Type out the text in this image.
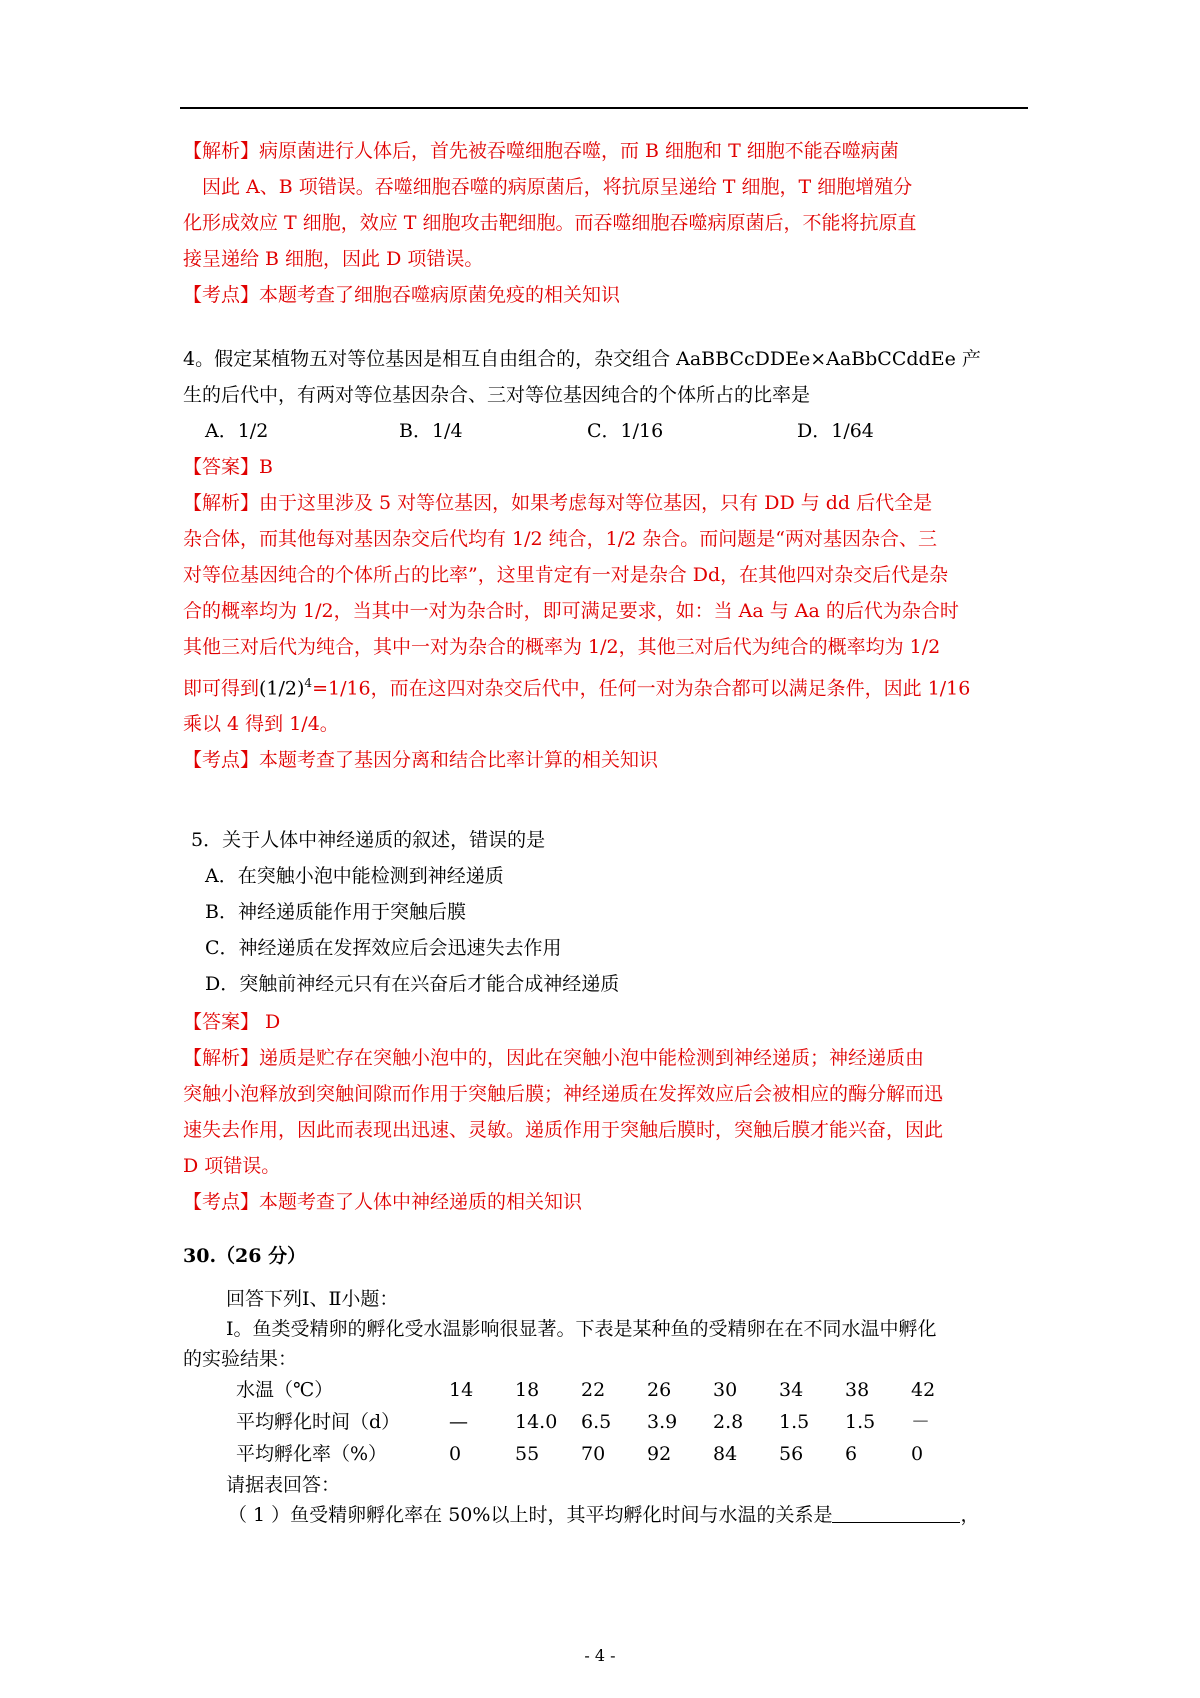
【解析】病原菌进行人体后，首先被吞噬细胞吞噬，而 B 细胞和 T 细胞不能吞噬病菌
　因此 A、B 项错误。吞噬细胞吞噬的病原菌后，将抗原呈递给 T 细胞，T 细胞增殖分
化形成效应 T 细胞，效应 T 细胞攻击靶细胞。而吞噬细胞吞噬病原菌后，不能将抗原直
接呈递给 B 细胞，因此 D 项错误。
【考点】本题考查了细胞吞噬病原菌免疫的相关知识
4。假定某植物五对等位基因是相互自由组合的，杂交组合 AaBBCcDDEe×AaBbCCddEe 产
生的后代中，有两对等位基因杂合、三对等位基因纯合的个体所占的比率是
A．1/2	B．1/4	C．1/16	D．1/64
【答案】B
【解析】由于这里涉及 5 对等位基因，如果考虑每对等位基因，只有 DD 与 dd 后代全是
杂合体，而其他每对基因杂交后代均有 1/2 纯合，1/2 杂合。而问题是“两对基因杂合、三
对等位基因纯合的个体所占的比率”，这里肯定有一对是杂合 Dd，在其他四对杂交后代是杂
合的概率均为 1/2，当其中一对为杂合时，即可满足要求，如：当 Aa 与 Aa 的后代为杂合时
其他三对后代为纯合，其中一对为杂合的概率为 1/2，其他三对后代为纯合的概率均为 1/2
即可得到$(1/2)^4=1/16$，而在这四对杂交后代中，任何一对为杂合都可以满足条件，因此 1/16
乘以 4 得到 1/4。
【考点】本题考查了基因分离和结合比率计算的相关知识
5．关于人体中神经递质的叙述，错误的是
A．在突触小泡中能检测到神经递质
B．神经递质能作用于突触后膜
C．神经递质在发挥效应后会迅速失去作用
D．突触前神经元只有在兴奋后才能合成神经递质
【答案】 D
【解析】递质是贮存在突触小泡中的，因此在突触小泡中能检测到神经递质；神经递质由
突触小泡释放到突触间隙而作用于突触后膜；神经递质在发挥效应后会被相应的酶分解而迅
速失去作用，因此而表现出迅速、灵敏。递质作用于突触后膜时，突触后膜才能兴奋，因此
D 项错误。
【考点】本题考查了人体中神经递质的相关知识
30.（26 分）
回答下列Ⅰ、Ⅱ小题：
Ⅰ。鱼类受精卵的孵化受水温影响很显著。下表是某种鱼的受精卵在在不同水温中孵化
的实验结果：
水温（℃）	14	18	22	26	30	34	38	42
平均孵化时间（d）	—	14.0	6.5	3.9	2.8	1.5	1.5	－
平均孵化率（%）	0	55	70	92	84	56	6	0
请据表回答：
（ 1 ）鱼受精卵孵化率在 50%以上时，其平均孵化时间与水温的关系是	，
- 4 -
